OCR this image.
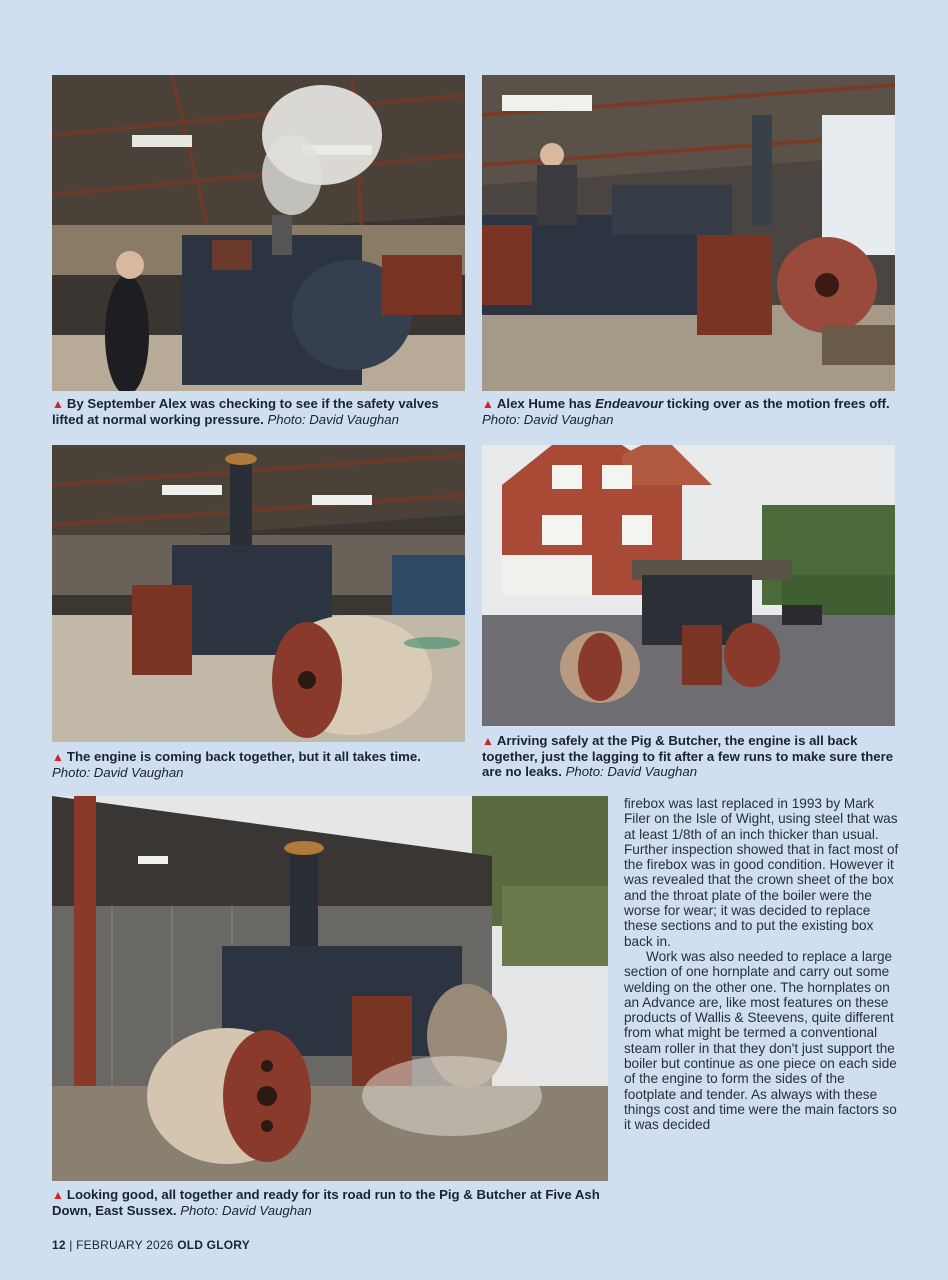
▲ By September Alex was checking to see if the safety valves lifted at normal working pressure. Photo: David Vaughan
▲ Alex Hume has Endeavour ticking over as the motion frees off. Photo: David Vaughan
▲ The engine is coming back together, but it all takes time.
Photo: David Vaughan
▲ Arriving safely at the Pig & Butcher, the engine is all back together, just the lagging to fit after a few runs to make sure there are no leaks. Photo: David Vaughan
▲ Looking good, all together and ready for its road run to the Pig & Butcher at Five Ash Down, East Sussex. Photo: David Vaughan

firebox was last replaced in 1993 by Mark Filer on the Isle of Wight, using steel that was at least 1/8th of an inch thicker than usual. Further inspection showed that in fact most of the firebox was in good condition. However it was revealed that the crown sheet of the box and the throat plate of the boiler were the worse for wear; it was decided to replace these sections and to put the existing box back in.

Work was also needed to replace a large section of one hornplate and carry out some welding on the other one. The hornplates on an Advance are, like most features on these products of Wallis & Steevens, quite different from what might be termed a conventional steam roller in that they don't just support the boiler but continue as one piece on each side of the engine to form the sides of the footplate and tender. As always with these things cost and time were the main factors so it was decided

12 | FEBRUARY 2026 OLD GLORY
